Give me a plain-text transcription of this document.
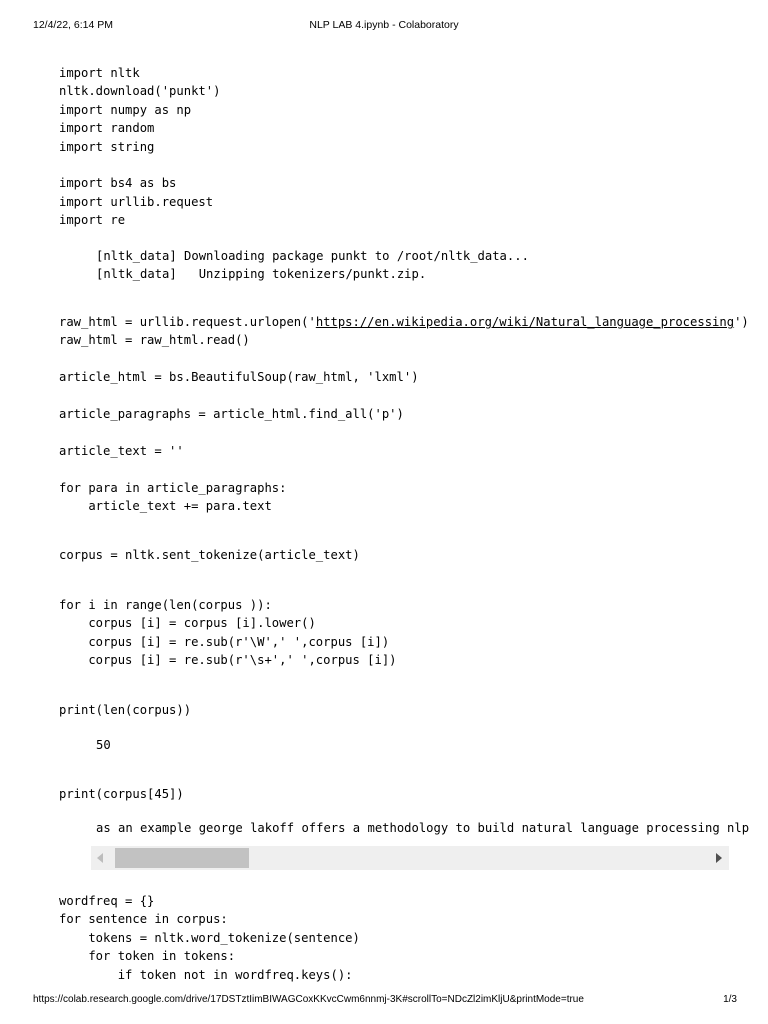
12/4/22, 6:14 PM	NLP LAB 4.ipynb - Colaboratory
import nltk
nltk.download('punkt')
import numpy as np
import random
import string

import bs4 as bs
import urllib.request
import re
[nltk_data] Downloading package punkt to /root/nltk_data...
[nltk_data]   Unzipping tokenizers/punkt.zip.
raw_html = urllib.request.urlopen('https://en.wikipedia.org/wiki/Natural_language_processing')
raw_html = raw_html.read()

article_html = bs.BeautifulSoup(raw_html, 'lxml')

article_paragraphs = article_html.find_all('p')

article_text = ''

for para in article_paragraphs:
article_text += para.text
corpus = nltk.sent_tokenize(article_text)
for i in range(len(corpus )):
corpus [i] = corpus [i].lower()
corpus [i] = re.sub(r'\W',' ',corpus [i])
corpus [i] = re.sub(r'\s+',' ',corpus [i])
print(len(corpus))
50
print(corpus[45])
as an example george lakoff offers a methodology to build natural language processing nlp
wordfreq = {}
for sentence in corpus:
tokens = nltk.word_tokenize(sentence)
for token in tokens:
if token not in wordfreq.keys():
https://colab.research.google.com/drive/17DSTztIimBIWAGCoxKKvcCwm6nnmj-3K#scrollTo=NDcZl2imKljU&printMode=true	1/3
